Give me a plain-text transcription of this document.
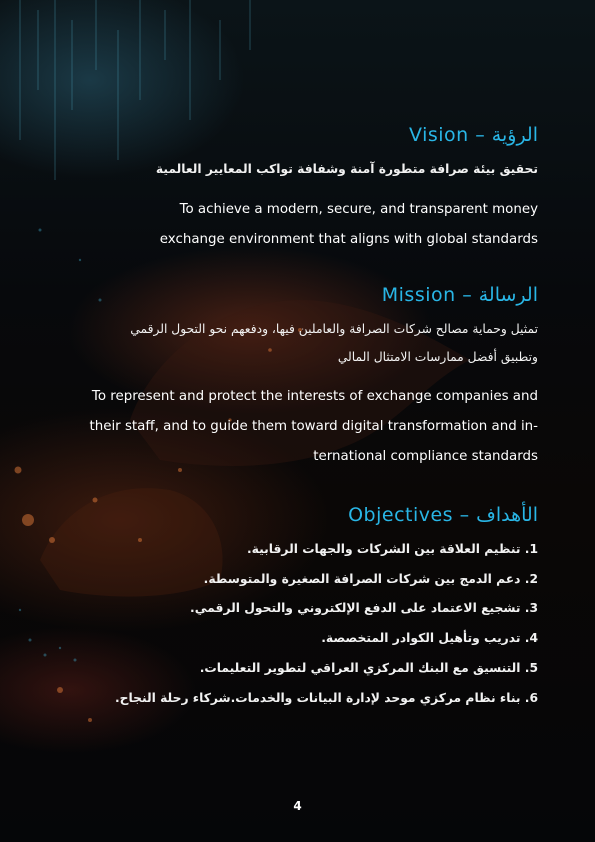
Vision – الرؤية
تحقيق بيئة صرافة متطورة آمنة وشفافة تواكب المعايير العالمية
To achieve a modern, secure, and transparent money
exchange environment that aligns with global standards
Mission – الرسالة
تمثيل وحماية مصالح شركات الصرافة والعاملين فيها، ودفعهم نحو التحول الرقمي
وتطبيق أفضل ممارسات الامتثال المالي
To represent and protect the interests of exchange companies and
their staff, and to guide them toward digital transformation and in-
ternational compliance standards
Objectives – الأهداف
1. تنظيم العلاقة بين الشركات والجهات الرقابية.
2. دعم الدمج بين شركات الصرافة الصغيرة والمتوسطة.
3. تشجيع الاعتماد على الدفع الإلكتروني والتحول الرقمي.
4. تدريب وتأهيل الكوادر المتخصصة.
5. التنسيق مع البنك المركزي العراقي لتطوير التعليمات.
6. بناء نظام مركزي موحد لإدارة البيانات والخدمات.شركاء رحلة النجاح.
4
